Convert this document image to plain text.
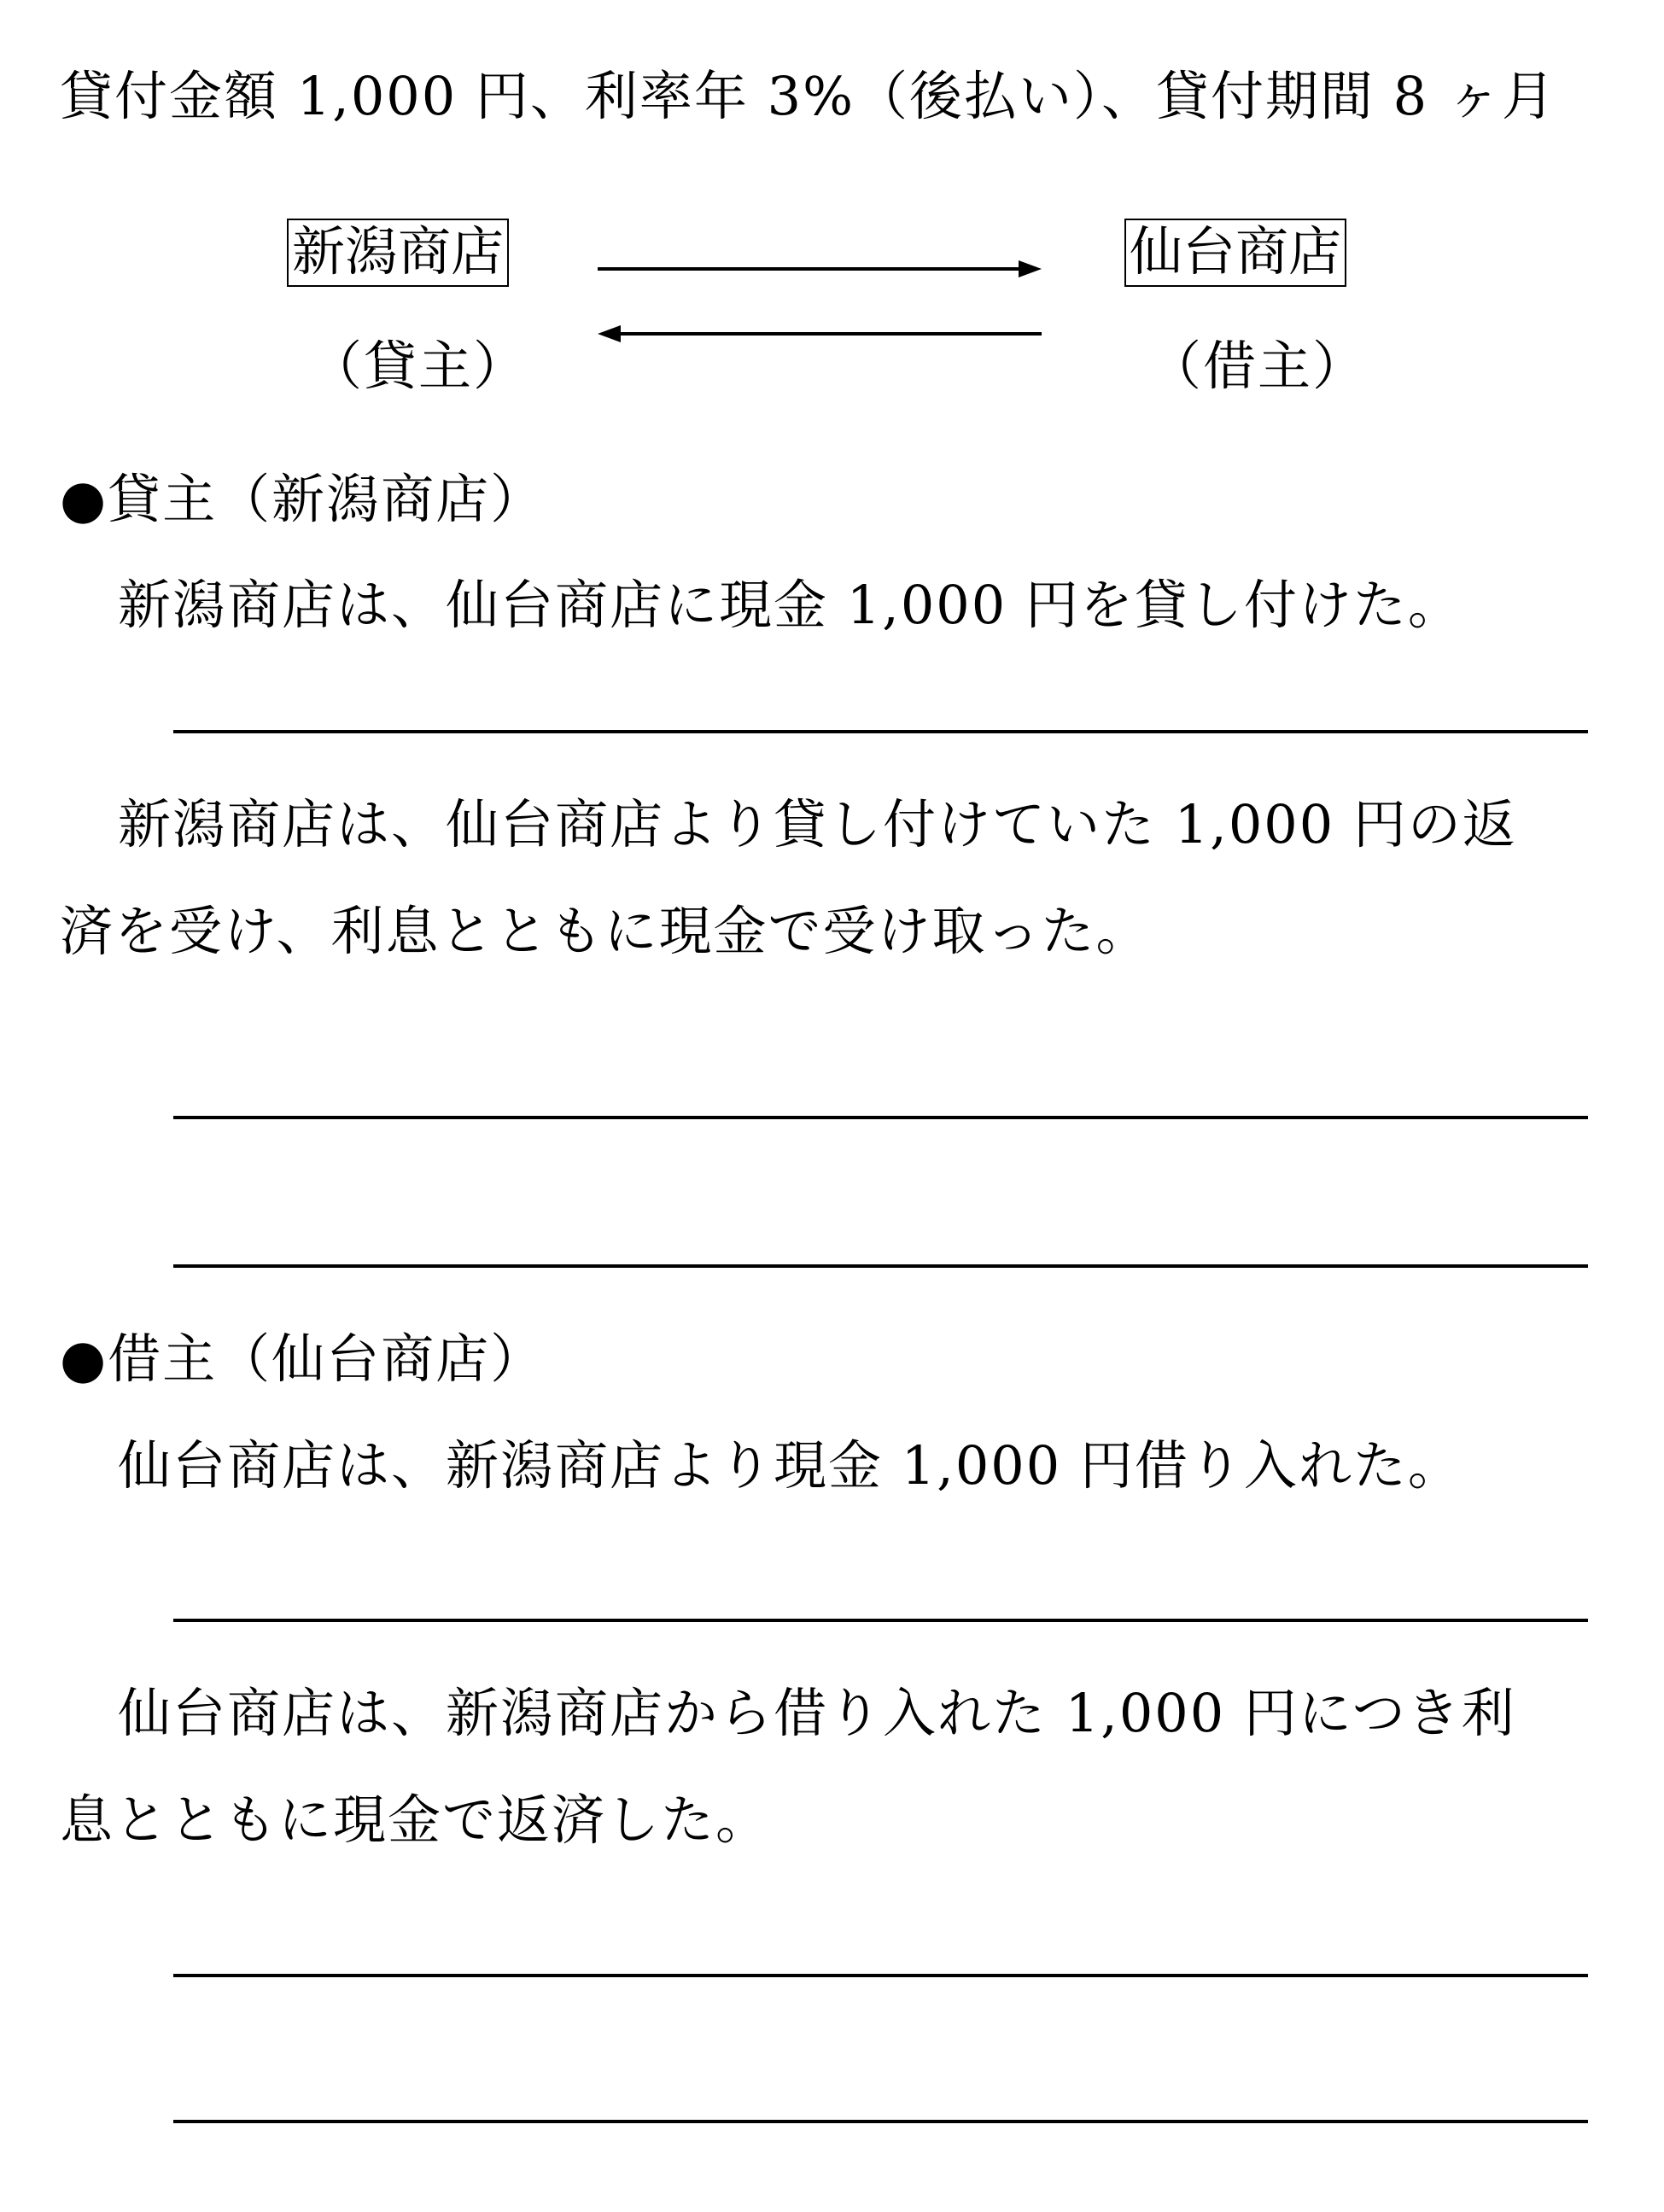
貸付金額 1,000 円、利率年 3%（後払い）、貸付期間 8 ヶ月
新潟商店
（貸主）
仙台商店
（借主）
●貸主（新潟商店）
新潟商店は、仙台商店に現金 1,000 円を貸し付けた。
新潟商店は、仙台商店より貸し付けていた 1,000 円の返
済を受け、利息とともに現金で受け取った。
●借主（仙台商店）
仙台商店は、新潟商店より現金 1,000 円借り入れた。
仙台商店は、新潟商店から借り入れた 1,000 円につき利
息とともに現金で返済した。
